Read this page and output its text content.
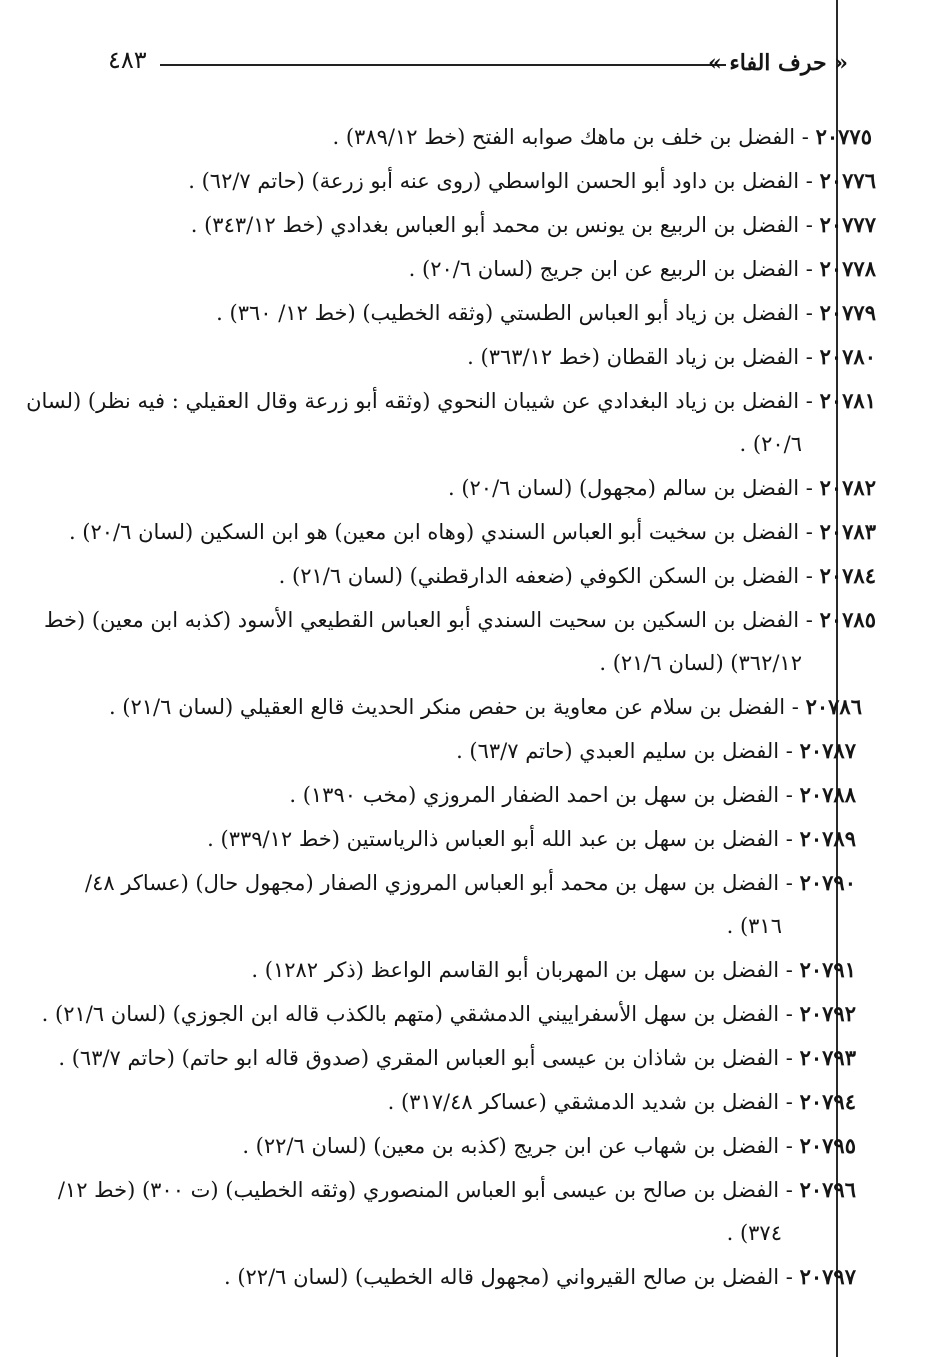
٤٨٣	« حرف الفاء »
٢٠٧٧٥ - الفضل بن خلف بن ماهك صوابه الفتح (خط ٣٨٩/١٢) .
٢٠٧٧٦ - الفضل بن داود أبو الحسن الواسطي (روى عنه أبو زرعة) (حاتم ٦٢/٧) .
٢٠٧٧٧ - الفضل بن الربيع بن يونس بن محمد أبو العباس بغدادي (خط ٣٤٣/١٢) .
٢٠٧٧٨ - الفضل بن الربيع عن ابن جريج (لسان ٢٠/٦) .
٢٠٧٧٩ - الفضل بن زياد أبو العباس الطستي (وثقه الخطيب) (خط ١٢/ ٣٦٠) .
٢٠٧٨٠ - الفضل بن زياد القطان (خط ٣٦٣/١٢) .
٢٠٧٨١ - الفضل بن زياد البغدادي عن شيبان النحوي (وثقه أبو زرعة وقال العقيلي : فيه نظر) (لسان
٢٠/٦) .
٢٠٧٨٢ - الفضل بن سالم (مجهول) (لسان ٢٠/٦) .
٢٠٧٨٣ - الفضل بن سخيت أبو العباس السندي (وهاه ابن معين) هو ابن السكين (لسان ٢٠/٦) .
٢٠٧٨٤ - الفضل بن السكن الكوفي (ضعفه الدارقطني) (لسان ٢١/٦) .
٢٠٧٨٥ - الفضل بن السكين بن سحيت السندي أبو العباس القطيعي الأسود (كذبه ابن معين) (خط
٣٦٢/١٢) (لسان ٢١/٦) .
٢٠٧٨٦ - الفضل بن سلام عن معاوية بن حفص منكر الحديث قالع العقيلي (لسان ٢١/٦) .
٢٠٧٨٧ - الفضل بن سليم العبدي (حاتم ٦٣/٧) .
٢٠٧٨٨ - الفضل بن سهل بن احمد الضفار المروزي (مخب ١٣٩٠) .
٢٠٧٨٩ - الفضل بن سهل بن عبد الله أبو العباس ذالرياستين (خط ٣٣٩/١٢) .
٢٠٧٩٠ - الفضل بن سهل بن محمد أبو العباس المروزي الصفار (مجهول حال) (عساكر ٤٨/
٣١٦) .
٢٠٧٩١ - الفضل بن سهل بن المهربان أبو القاسم الواعظ (ذكر ١٢٨٢) .
٢٠٧٩٢ - الفضل بن سهل الأسفراييني الدمشقي (متهم بالكذب قاله ابن الجوزي) (لسان ٢١/٦) .
٢٠٧٩٣ - الفضل بن شاذان بن عيسى أبو العباس المقري (صدوق قاله ابو حاتم) (حاتم ٦٣/٧) .
٢٠٧٩٤ - الفضل بن شديد الدمشقي (عساكر ٣١٧/٤٨) .
٢٠٧٩٥ - الفضل بن شهاب عن ابن جريج (كذبه بن معين) (لسان ٢٢/٦) .
٢٠٧٩٦ - الفضل بن صالح بن عيسى أبو العباس المنصوري (وثقه الخطيب) (ت ٣٠٠) (خط ١٢/
٣٧٤) .
٢٠٧٩٧ - الفضل بن صالح القيرواني (مجهول قاله الخطيب) (لسان ٢٢/٦) .
